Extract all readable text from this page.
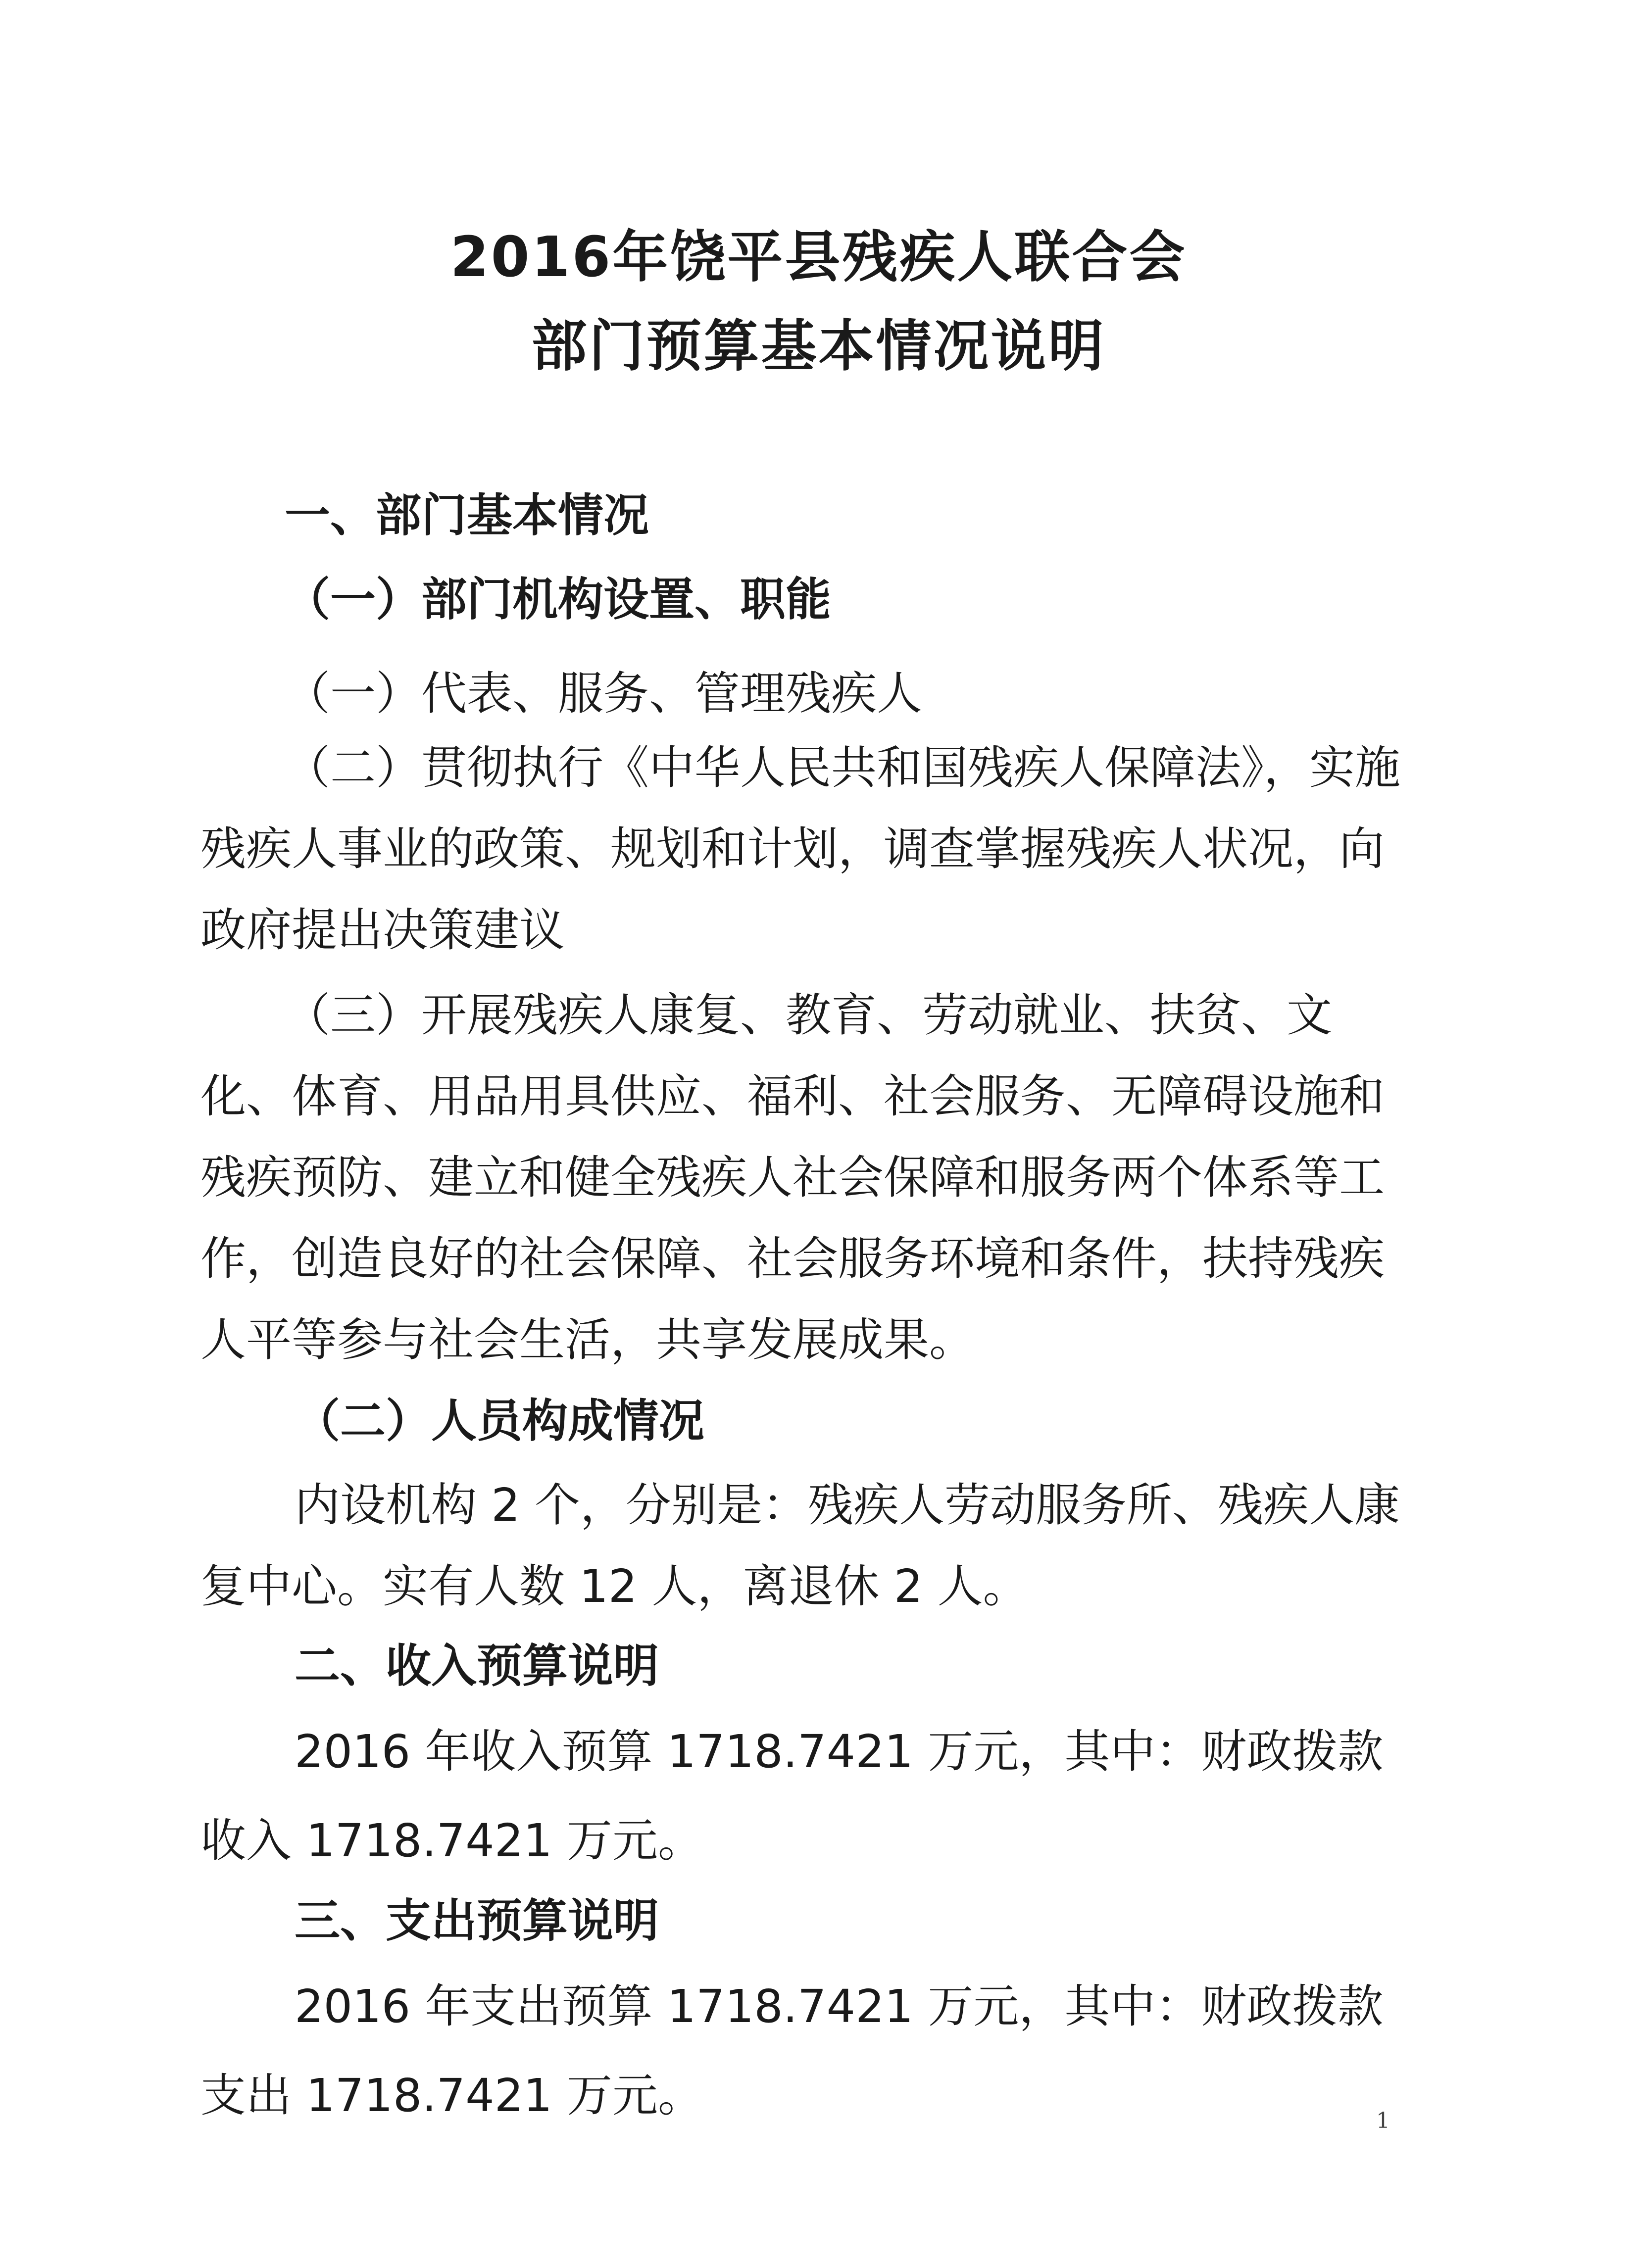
2016年饶平县残疾人联合会
部门预算基本情况说明

一、部门基本情况

（一）部门机构设置、职能

（一）代表、服务、管理残疾人

（二）贯彻执行《中华人民共和国残疾人保障法》，实施残疾人事业的政策、规划和计划，调查掌握残疾人状况，向政府提出决策建议

（三）开展残疾人康复、教育、劳动就业、扶贫、文化、体育、用品用具供应、福利、社会服务、无障碍设施和残疾预防、建立和健全残疾人社会保障和服务两个体系等工作，创造良好的社会保障、社会服务环境和条件，扶持残疾人平等参与社会生活，共享发展成果。

（二）人员构成情况

内设机构 2 个，分别是：残疾人劳动服务所、残疾人康复中心。实有人数 12 人，离退休 2 人。

二、收入预算说明

2016 年收入预算 1718.7421 万元，其中：财政拨款收入 1718.7421 万元。

三、支出预算说明

2016 年支出预算 1718.7421 万元，其中：财政拨款支出 1718.7421 万元。	1
